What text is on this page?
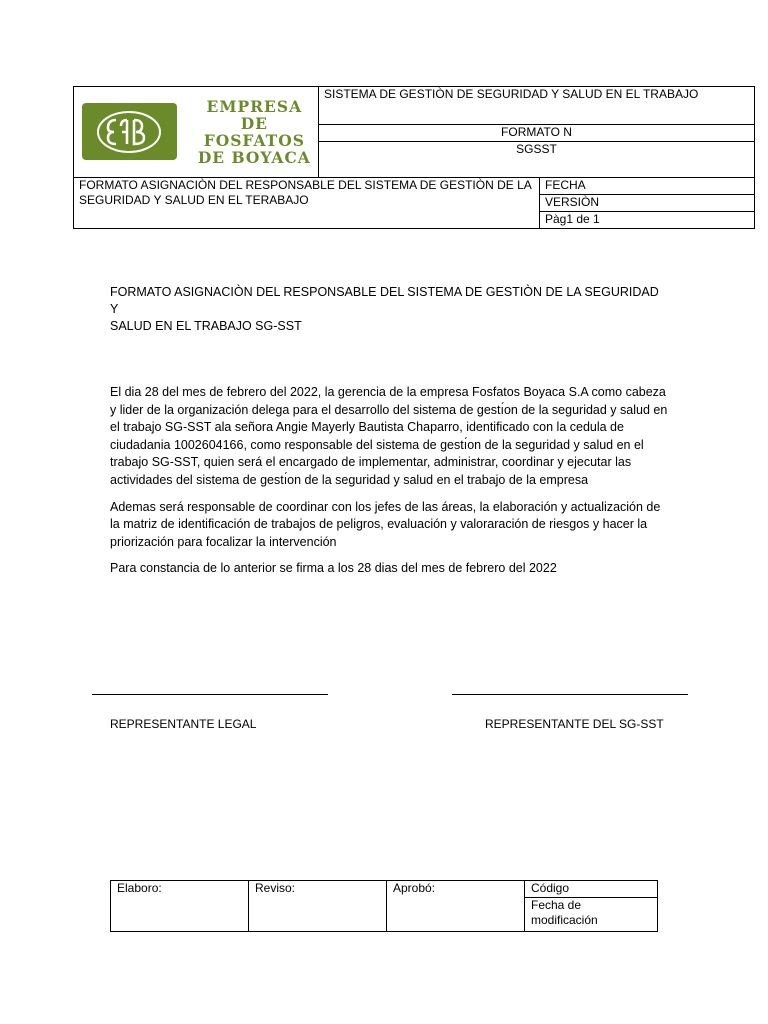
EMPRESA DE
FOSFATOS
DE BOYACA	SISTEMA DE GESTIÒN DE SEGURIDAD Y SALUD EN EL TRABAJO	
	FORMATO N	
	SGSST	
FORMATO ASIGNACIÒN DEL RESPONSABLE DEL SISTEMA DE GESTIÒN DE LA SEGURIDAD Y SALUD EN EL TERABAJO		FECHA
		VERSIÒN
		Pàg1 de 1
FORMATO ASIGNACIÒN DEL RESPONSABLE DEL SISTEMA DE GESTIÒN DE LA SEGURIDAD Y
SALUD EN EL TRABAJO SG-SST

El dia 28 del mes de febrero del 2022, la gerencia de la empresa Fosfatos Boyaca S.A como cabeza y lider de la organización delega para el desarrollo del sistema de gestı́on de la seguridad y salud en el trabajo SG-SST ala señora Angie Mayerly Bautista Chaparro, identificado con la cedula de ciudadania 1002604166, como responsable del sistema de gestı́on de la seguridad y salud en el trabajo SG-SST, quien será el encargado de implementar, administrar, coordinar y ejecutar las actividades del sistema de gestı́on de la seguridad y salud en el trabajo de la empresa

Ademas será responsable de coordinar con los jefes de las áreas, la elaboración y actualización de la matriz de identificación de trabajos de peligros, evaluación y valoraración de riesgos y hacer la priorización para focalizar la intervención

Para constancia de lo anterior se firma a los 28 dias del mes de febrero del 2022

REPRESENTANTE LEGAL	REPRESENTANTE DEL SG-SST
Elaboro:	Reviso:	Aprobó:	Código

Fecha de
modificación
